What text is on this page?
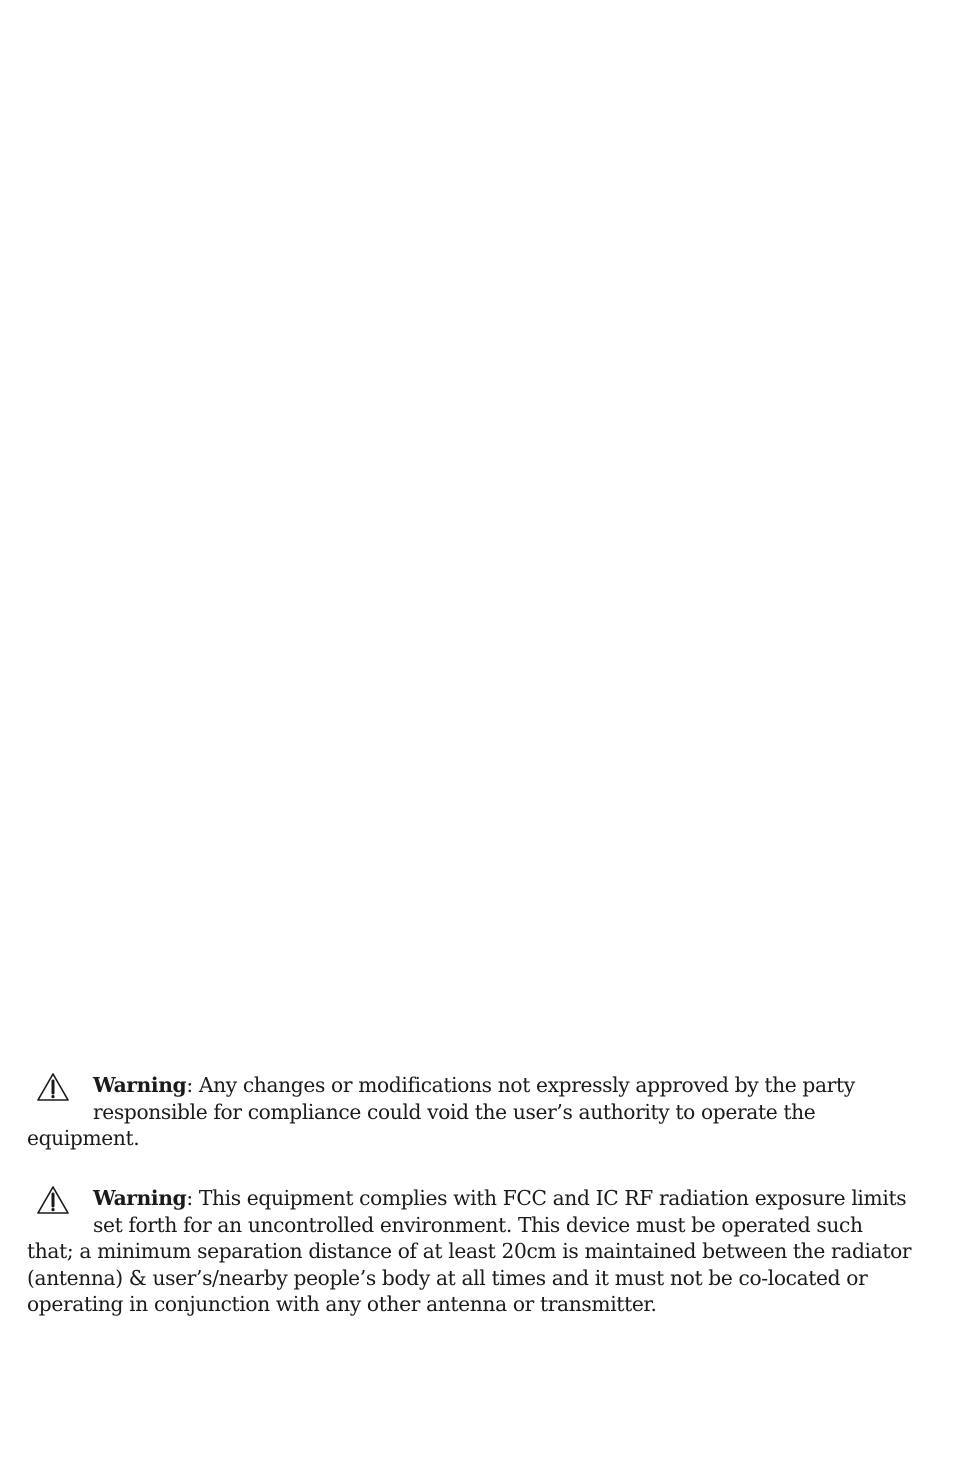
Warning: Any changes or modifications not expressly approved by the party
responsible for compliance could void the user’s authority to operate the
equipment.
Warning: This equipment complies with FCC and IC RF radiation exposure limits
set forth for an uncontrolled environment. This device must be operated such
that; a minimum separation distance of at least 20cm is maintained between the radiator
(antenna) & user’s/nearby people’s body at all times and it must not be co-located or
operating in conjunction with any other antenna or transmitter.
